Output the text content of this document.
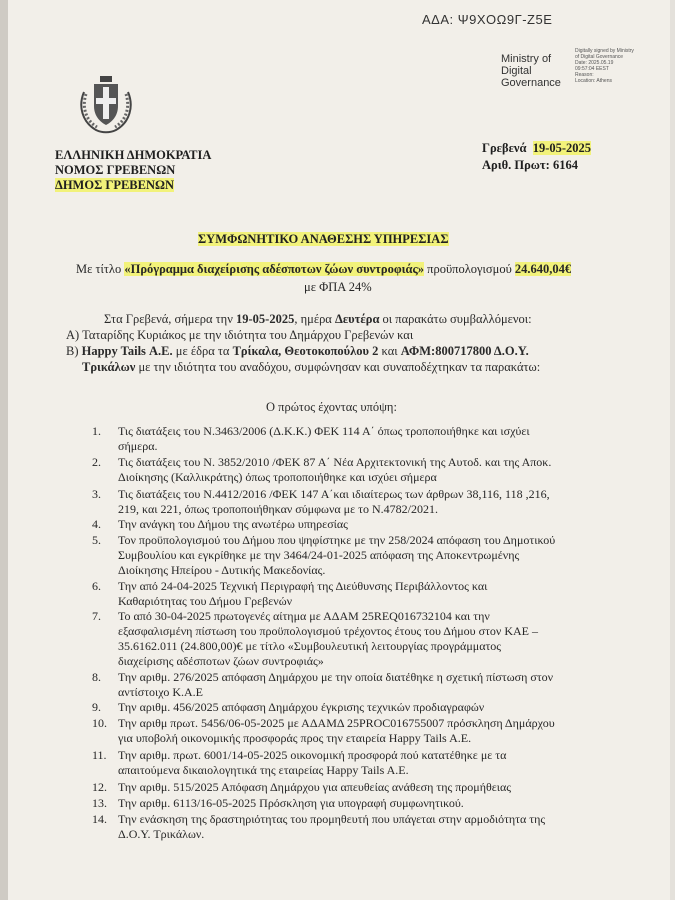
ΑΔΑ: Ψ9ΧΟΩ9Γ-Ζ5Ε
Ministry of
Digital
Governance
Digitally signed by Ministry
of Digital Governance
Date: 2025.05.19
09:57:04 EEST
Reason:
Location: Athens
ΕΛΛΗΝΙΚΗ ΔΗΜΟΚΡΑΤΙΑ
ΝΟΜΟΣ ΓΡΕΒΕΝΩΝ
ΔΗΜΟΣ ΓΡΕΒΕΝΩΝ
Γρεβενά 19-05-2025
Αριθ. Πρωτ: 6164
ΣΥΜΦΩΝΗΤΙΚΟ ΑΝΑΘΕΣΗΣ ΥΠΗΡΕΣΙΑΣ
Με τίτλο «Πρόγραμμα διαχείρισης αδέσποτων ζώων συντροφιάς» προϋπολογισμού 24.640,04€
με ΦΠΑ 24%
Στα Γρεβενά, σήμερα την 19-05-2025, ημέρα Δευτέρα οι παρακάτω συμβαλλόμενοι:
Α) Ταταρίδης Κυριάκος με την ιδιότητα του Δημάρχου Γρεβενών και
Β) Happy Tails Α.Ε. με έδρα τα Τρίκαλα, Θεοτοκοπούλου 2 και ΑΦΜ:800717800 Δ.Ο.Υ.
Τρικάλων με την ιδιότητα του αναδόχου, συμφώνησαν και συναποδέχτηκαν τα παρακάτω:
Ο πρώτος έχοντας υπόψη:
1. Τις διατάξεις του Ν.3463/2006 (Δ.Κ.Κ.) ΦΕΚ 114 Α΄ όπως τροποποιήθηκε και ισχύει
σήμερα.
2. Τις διατάξεις του Ν. 3852/2010 /ΦΕΚ 87 Α΄ Νέα Αρχιτεκτονική της Αυτοδ. και της Αποκ.
Διοίκησης (Καλλικράτης) όπως τροποποιήθηκε και ισχύει σήμερα
3. Τις διατάξεις του Ν.4412/2016 /ΦΕΚ 147 Α΄και ιδιαίτερως των άρθρων 38,116, 118 ,216,
219, και 221, όπως τροποποιήθηκαν σύμφωνα με το Ν.4782/2021.
4. Την ανάγκη του Δήμου της ανωτέρω υπηρεσίας
5. Τον προϋπολογισμού του Δήμου που ψηφίστηκε με την 258/2024 απόφαση του Δημοτικού
Συμβουλίου και εγκρίθηκε με την 3464/24-01-2025 απόφαση της Αποκεντρωμένης
Διοίκησης Ηπείρου - Δυτικής Μακεδονίας.
6. Την από 24-04-2025 Τεχνική Περιγραφή της Διεύθυνσης Περιβάλλοντος και
Καθαριότητας του Δήμου Γρεβενών
7. Το από 30-04-2025 πρωτογενές αίτημα με ΑΔΑΜ 25REQ016732104 και την
εξασφαλισμένη πίστωση του προϋπολογισμού τρέχοντος έτους του Δήμου στον ΚΑΕ –
35.6162.011 (24.800,00)€ με τίτλο «Συμβουλευτική λειτουργίας προγράμματος
διαχείρισης αδέσποτων ζώων συντροφιάς»
8. Την αριθμ. 276/2025 απόφαση Δημάρχου με την οποία διατέθηκε η σχετική πίστωση στον
αντίστοιχο Κ.Α.Ε
9. Την αριθμ. 456/2025 απόφαση Δημάρχου έγκρισης τεχνικών προδιαγραφών
10. Την αριθμ πρωτ. 5456/06-05-2025 με ΑΔΑΜΔ 25PROC016755007 πρόσκληση Δημάρχου
για υποβολή οικονομικής προσφοράς προς την εταιρεία Happy Tails A.E.
11. Την αριθμ. πρωτ. 6001/14-05-2025 οικονομική προσφορά πού κατατέθηκε με τα
απαιτούμενα δικαιολογητικά της εταιρείας Happy Tails A.E.
12. Την αριθμ. 515/2025 Απόφαση Δημάρχου για απευθείας ανάθεση της προμήθειας
13. Την αριθμ. 6113/16-05-2025 Πρόσκληση για υπογραφή συμφωνητικού.
14. Την ενάσκηση της δραστηριότητας του προμηθευτή που υπάγεται στην αρμοδιότητα της
Δ.Ο.Υ. Τρικάλων.
